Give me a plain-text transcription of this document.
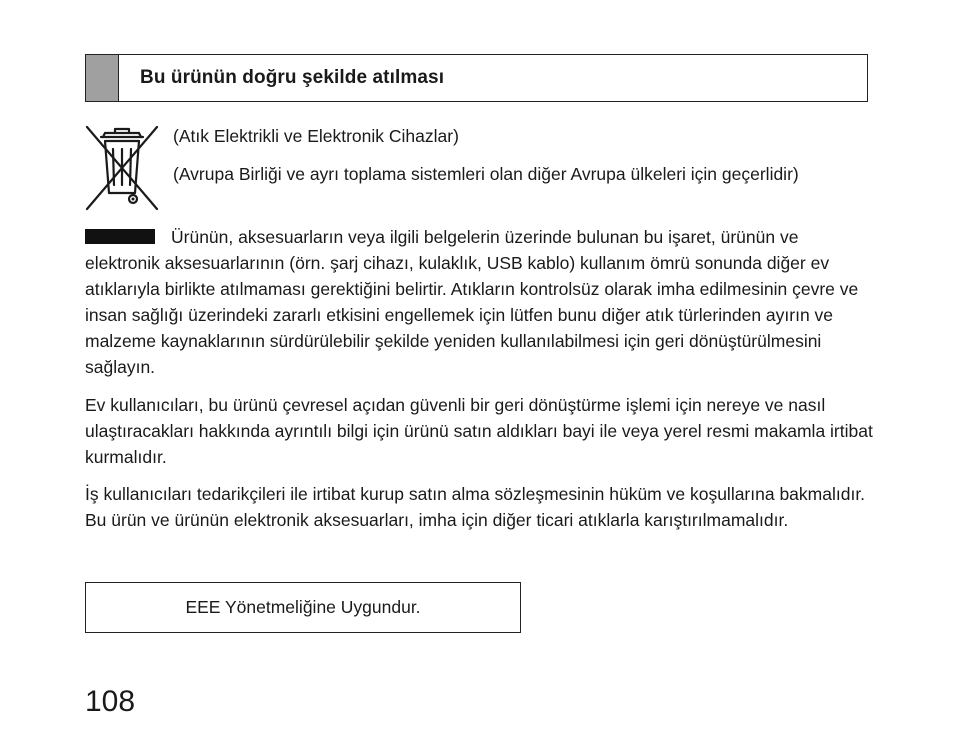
Bu ürünün doğru şekilde atılması

(Atık Elektrikli ve Elektronik Cihazlar)

(Avrupa Birliği ve ayrı toplama sistemleri olan diğer Avrupa ülkeleri için geçerlidir)

Ürünün, aksesuarların veya ilgili belgelerin üzerinde bulunan bu işaret, ürünün ve elektronik aksesuarlarının (örn. şarj cihazı, kulaklık, USB kablo) kullanım ömrü sonunda diğer ev atıklarıyla birlikte atılmaması gerektiğini belirtir. Atıkların kontrolsüz olarak imha edilmesinin çevre ve insan sağlığı üzerindeki zararlı etkisini engellemek için lütfen bunu diğer atık türlerinden ayırın ve malzeme kaynaklarının sürdürülebilir şekilde yeniden kullanılabilmesi için geri dönüştürülmesini sağlayın.

Ev kullanıcıları, bu ürünü çevresel açıdan güvenli bir geri dönüştürme işlemi için nereye ve nasıl ulaştıracakları hakkında ayrıntılı bilgi için ürünü satın aldıkları bayi ile veya yerel resmi makamla irtibat kurmalıdır.

İş kullanıcıları tedarikçileri ile irtibat kurup satın alma sözleşmesinin hüküm ve koşullarına bakmalıdır. Bu ürün ve ürünün elektronik aksesuarları, imha için diğer ticari atıklarla karıştırılmamalıdır.

EEE Yönetmeliğine Uygundur.
108
